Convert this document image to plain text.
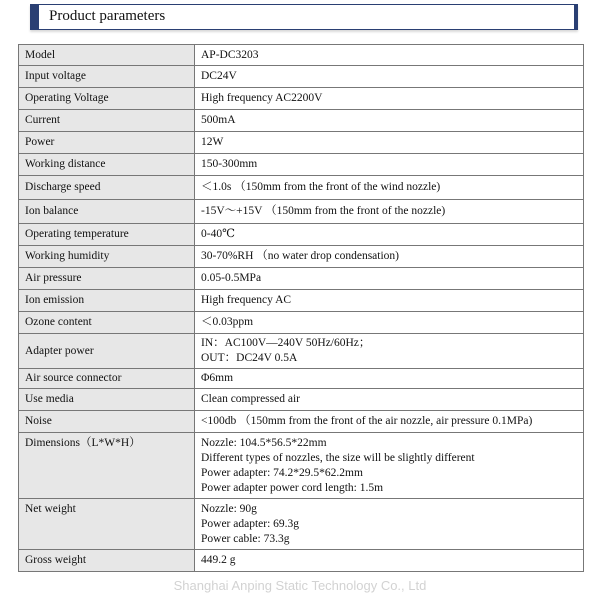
Product parameters
Model	AP-DC3203

Input voltage	DC24V

Operating Voltage	High frequency AC2200V

Current	500mA

Power	12W

Working distance	150-300mm

Discharge speed	＜1.0s （150mm from the front of the wind nozzle)

Ion balance	-15V～+15V （150mm from the front of the nozzle)

Operating temperature	0-40℃

Working humidity	30-70%RH （no water drop condensation)

Air pressure	0.05-0.5MPa

Ion emission	High frequency AC

Ozone content	＜0.03ppm

Adapter power	IN：AC100V—240V 50Hz/60Hz；
OUT：DC24V 0.5A

Air source connector	Φ6mm

Use media	Clean compressed air

Noise	<100db （150mm from the front of the air nozzle, air pressure 0.1MPa)

Dimensions（L*W*H）	Nozzle: 104.5*56.5*22mm
Different types of nozzles, the size will be slightly different
Power adapter: 74.2*29.5*62.2mm
Power adapter power cord length: 1.5m

Net weight	Nozzle: 90g
Power adapter: 69.3g
Power cable: 73.3g

Gross weight	449.2 g
Shanghai Anping Static Technology Co., Ltd
